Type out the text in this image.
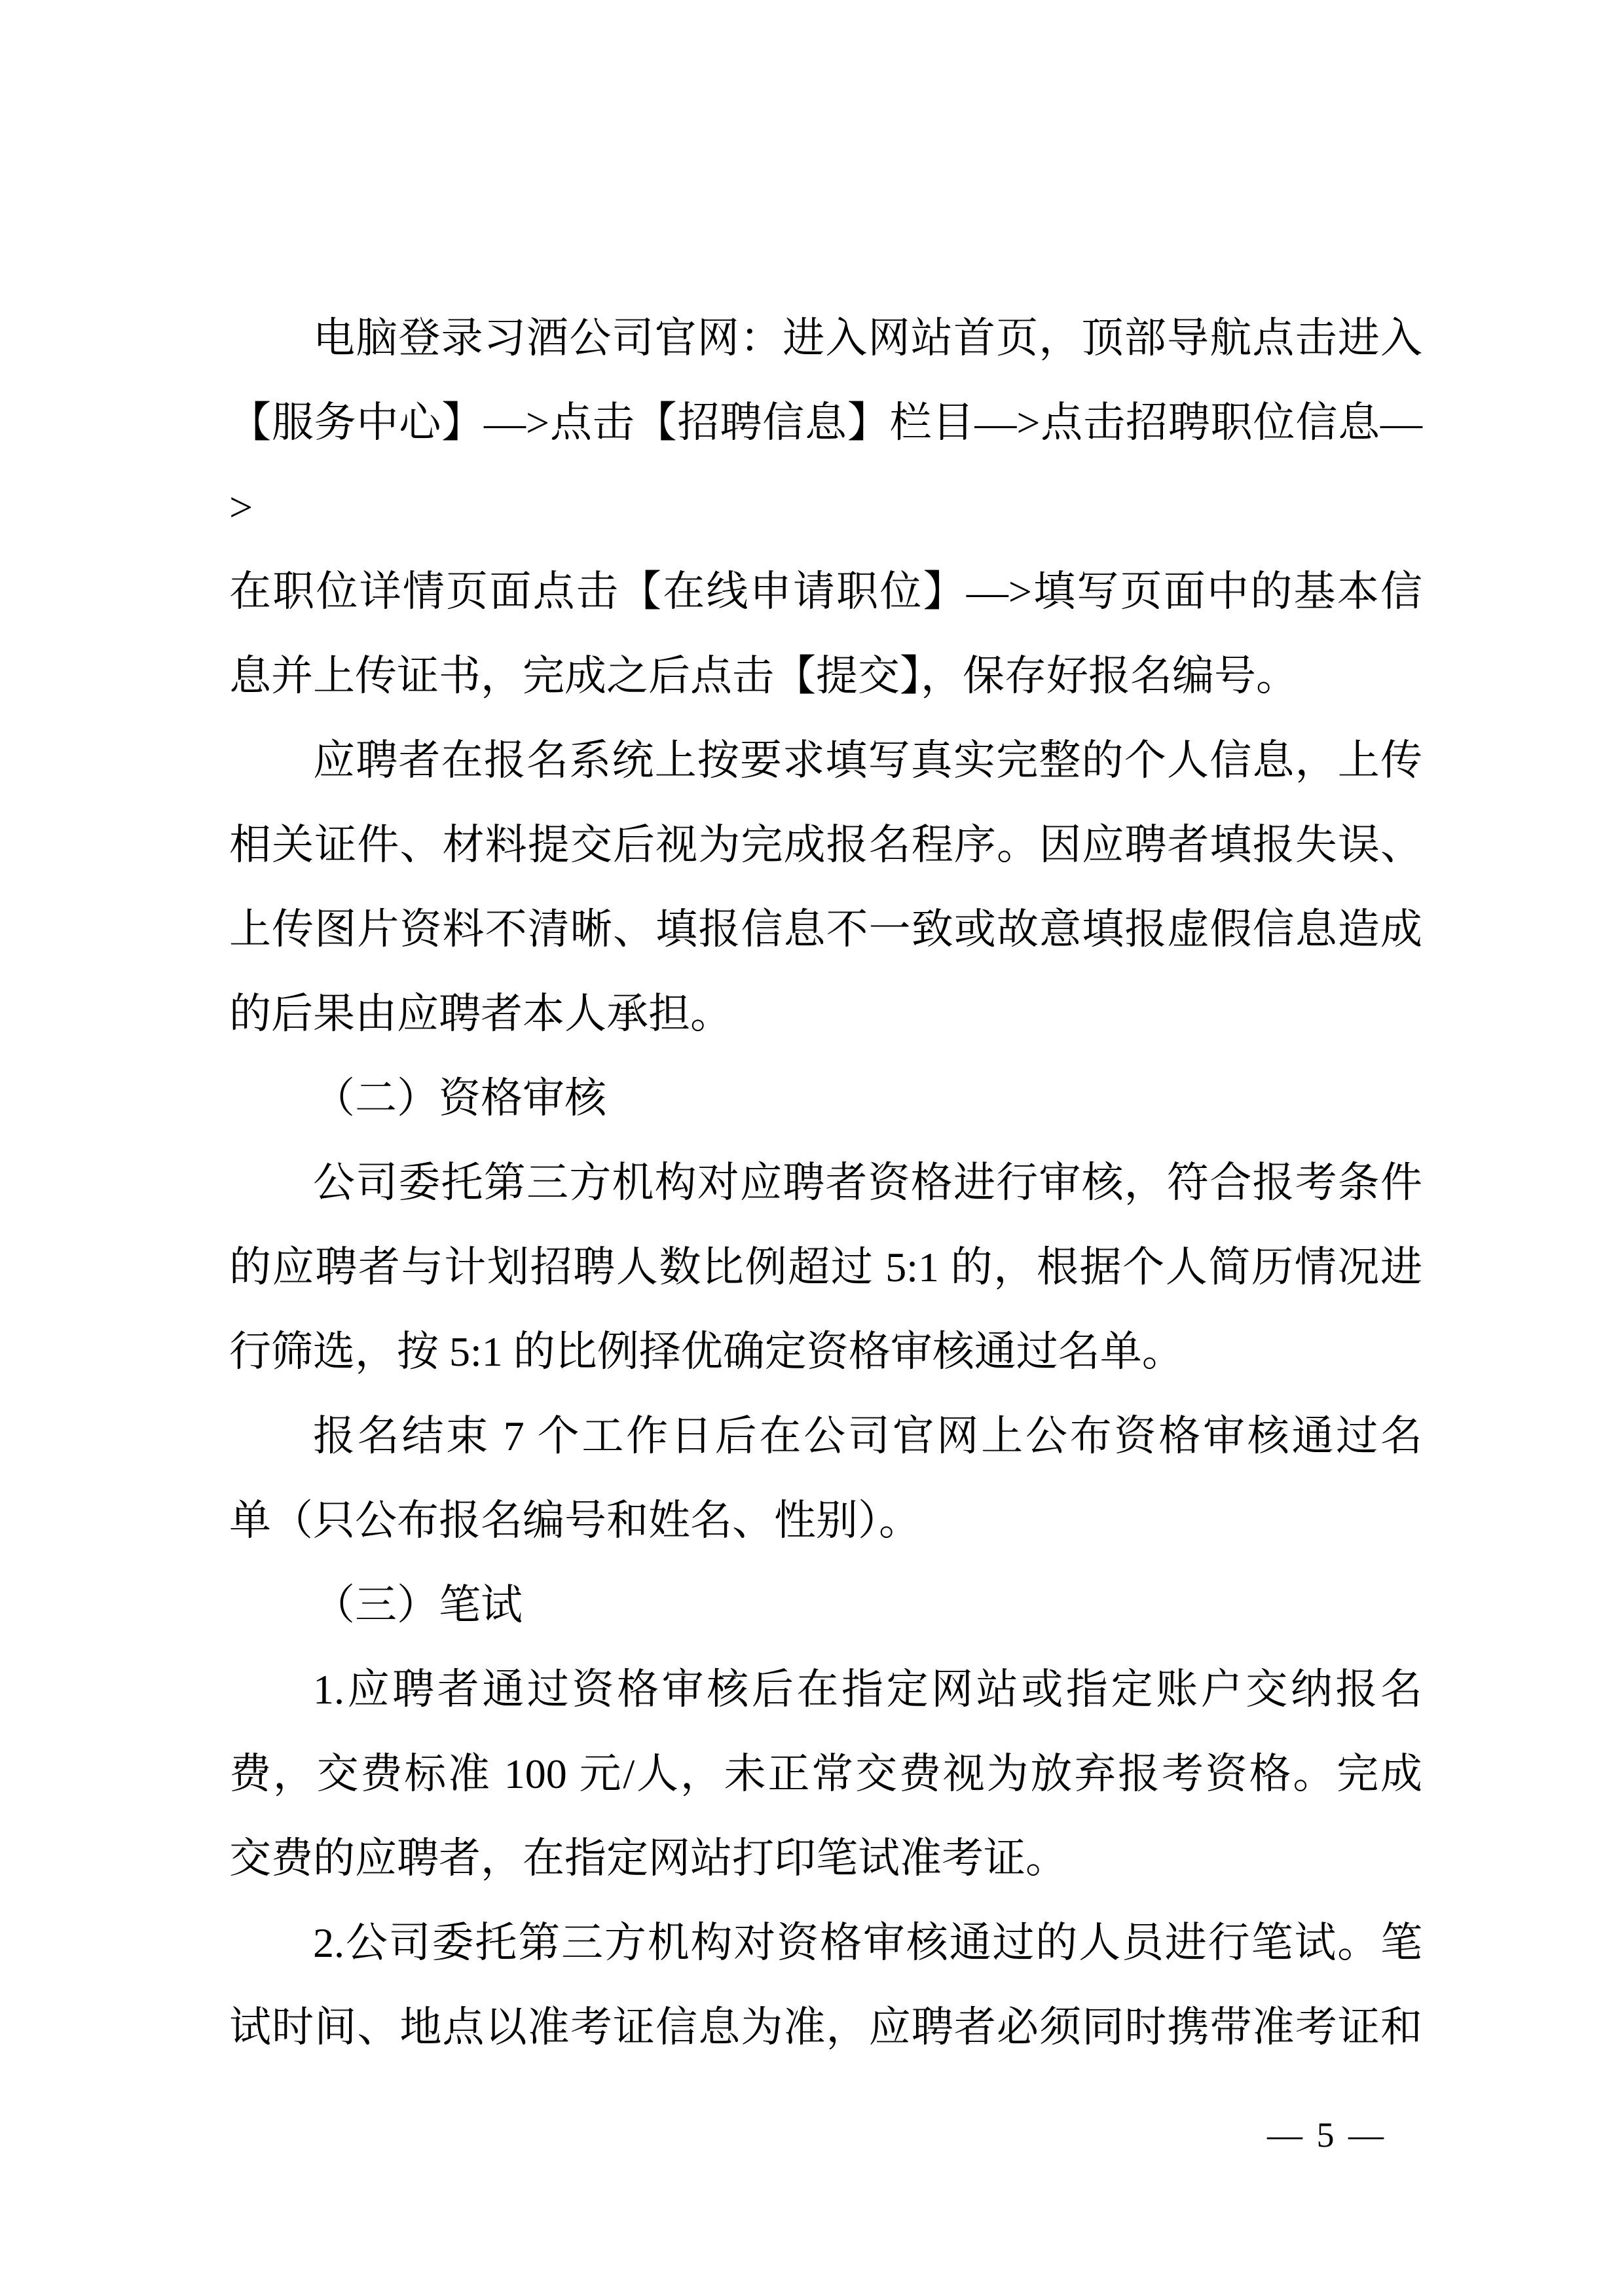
电脑登录习酒公司官网：进入网站首页，顶部导航点击进入
【服务中心】—>点击【招聘信息】栏目—>点击招聘职位信息—>
在职位详情页面点击【在线申请职位】—>填写页面中的基本信
息并上传证书，完成之后点击【提交】，保存好报名编号。

应聘者在报名系统上按要求填写真实完整的个人信息，上传
相关证件、材料提交后视为完成报名程序。因应聘者填报失误、
上传图片资料不清晰、填报信息不一致或故意填报虚假信息造成
的后果由应聘者本人承担。

（二）资格审核

公司委托第三方机构对应聘者资格进行审核，符合报考条件
的应聘者与计划招聘人数比例超过 5:1 的，根据个人简历情况进
行筛选，按 5:1 的比例择优确定资格审核通过名单。

报名结束 7 个工作日后在公司官网上公布资格审核通过名
单（只公布报名编号和姓名、性别）。

（三）笔试

1.应聘者通过资格审核后在指定网站或指定账户交纳报名
费，交费标准 100 元/人，未正常交费视为放弃报考资格。完成
交费的应聘者，在指定网站打印笔试准考证。

2.公司委托第三方机构对资格审核通过的人员进行笔试。笔
试时间、地点以准考证信息为准，应聘者必须同时携带准考证和

— 5 —
